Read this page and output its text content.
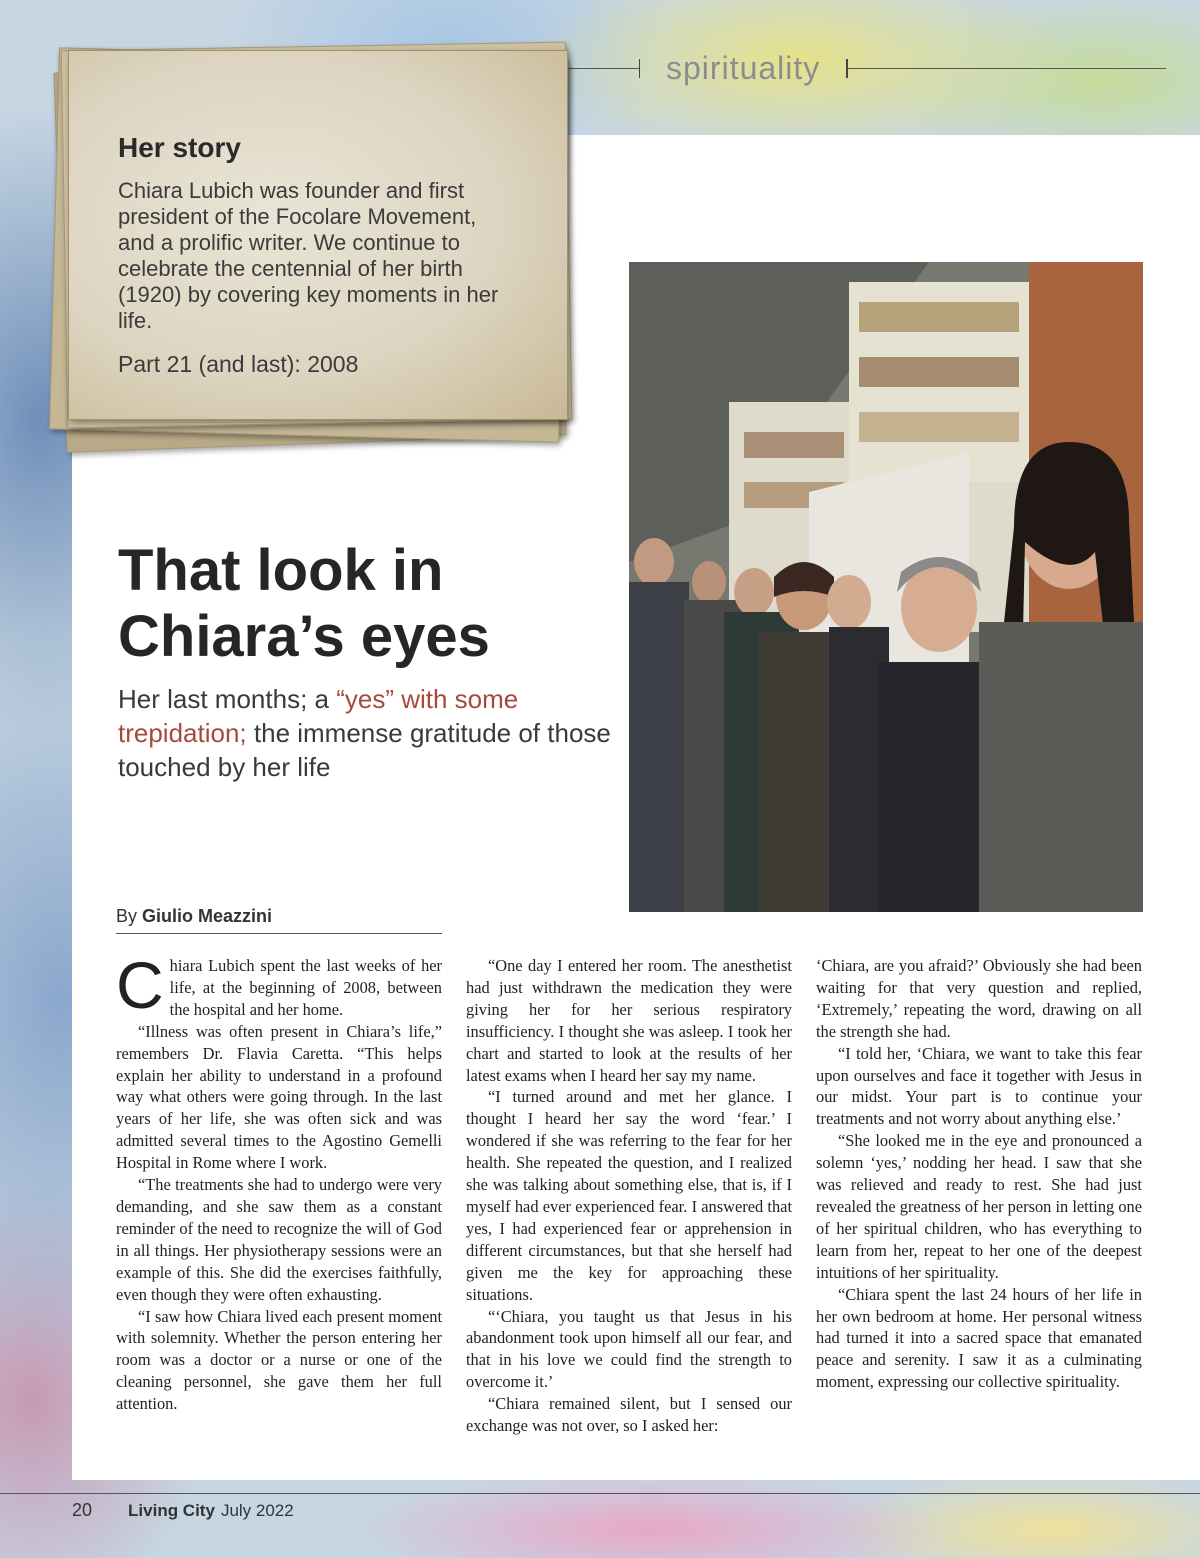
spirituality
Her story

Chiara Lubich was founder and first president of the Focolare Movement, and a prolific writer. We continue to celebrate the centennial of her birth (1920) by covering key moments in her life.

Part 21 (and last): 2008

That look in Chiara’s eyes

Her last months; a “yes” with some trepidation; the immense gratitude of those touched by her life

By Giulio Meazzini

Chiara Lubich spent the last weeks of her life, at the beginning of 2008, between the hospital and her home.

“Illness was often present in Chiara’s life,” remembers Dr. Flavia Caretta. “This helps explain her ability to understand in a profound way what others were going through. In the last years of her life, she was often sick and was admitted several times to the Agostino Gemelli Hospital in Rome where I work.

“The treatments she had to undergo were very demanding, and she saw them as a constant reminder of the need to recognize the will of God in all things. Her physiotherapy sessions were an example of this. She did the exercises faithfully, even though they were often exhausting.

“I saw how Chiara lived each present moment with solemnity. Whether the person entering her room was a doctor or a nurse or one of the cleaning personnel, she gave them her full attention.

“One day I entered her room. The anesthetist had just withdrawn the medication they were giving her for her serious respiratory insufficiency. I thought she was asleep. I took her chart and started to look at the results of her latest exams when I heard her say my name.

“I turned around and met her glance. I thought I heard her say the word ‘fear.’ I wondered if she was referring to the fear for her health. She repeated the question, and I realized she was talking about something else, that is, if I myself had ever experienced fear. I answered that yes, I had experienced fear or apprehension in different circumstances, but that she herself had given me the key for approaching these situations.

“‘Chiara, you taught us that Jesus in his abandonment took upon himself all our fear, and that in his love we could find the strength to overcome it.’

“Chiara remained silent, but I sensed our exchange was not over, so I asked her:

‘Chiara, are you afraid?’ Obviously she had been waiting for that very question and replied, ‘Extremely,’ repeating the word, drawing on all the strength she had.

“I told her, ‘Chiara, we want to take this fear upon ourselves and face it together with Jesus in our midst. Your part is to continue your treatments and not worry about anything else.’

“She looked me in the eye and pronounced a solemn ‘yes,’ nodding her head. I saw that she was relieved and ready to rest. She had just revealed the greatness of her person in letting one of her spiritual children, who has everything to learn from her, repeat to her one of the deepest intuitions of her spirituality.

“Chiara spent the last 24 hours of her life in her own bedroom at home. Her personal witness had turned it into a sacred space that emanated peace and serenity. I saw it as a culminating moment, expressing our collective spirituality.

20 Living City July 2022
